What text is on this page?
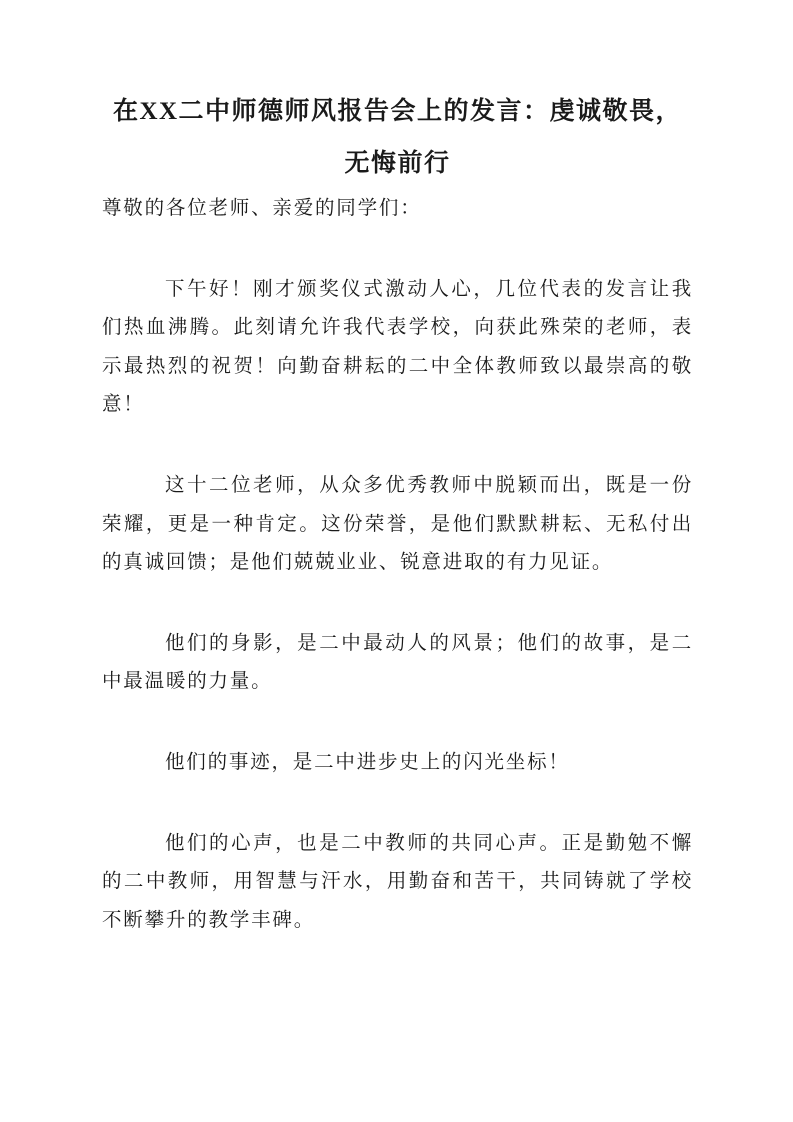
在XX二中师德师风报告会上的发言：虔诚敬畏，无悔前行

尊敬的各位老师、亲爱的同学们：

下午好！刚才颁奖仪式激动人心，几位代表的发言让我们热血沸腾。此刻请允许我代表学校，向获此殊荣的老师，表示最热烈的祝贺！向勤奋耕耘的二中全体教师致以最崇高的敬意！

这十二位老师，从众多优秀教师中脱颖而出，既是一份荣耀，更是一种肯定。这份荣誉，是他们默默耕耘、无私付出的真诚回馈；是他们兢兢业业、锐意进取的有力见证。

他们的身影，是二中最动人的风景；他们的故事，是二中最温暖的力量。

他们的事迹，是二中进步史上的闪光坐标！

他们的心声，也是二中教师的共同心声。正是勤勉不懈的二中教师，用智慧与汗水，用勤奋和苦干，共同铸就了学校不断攀升的教学丰碑。
